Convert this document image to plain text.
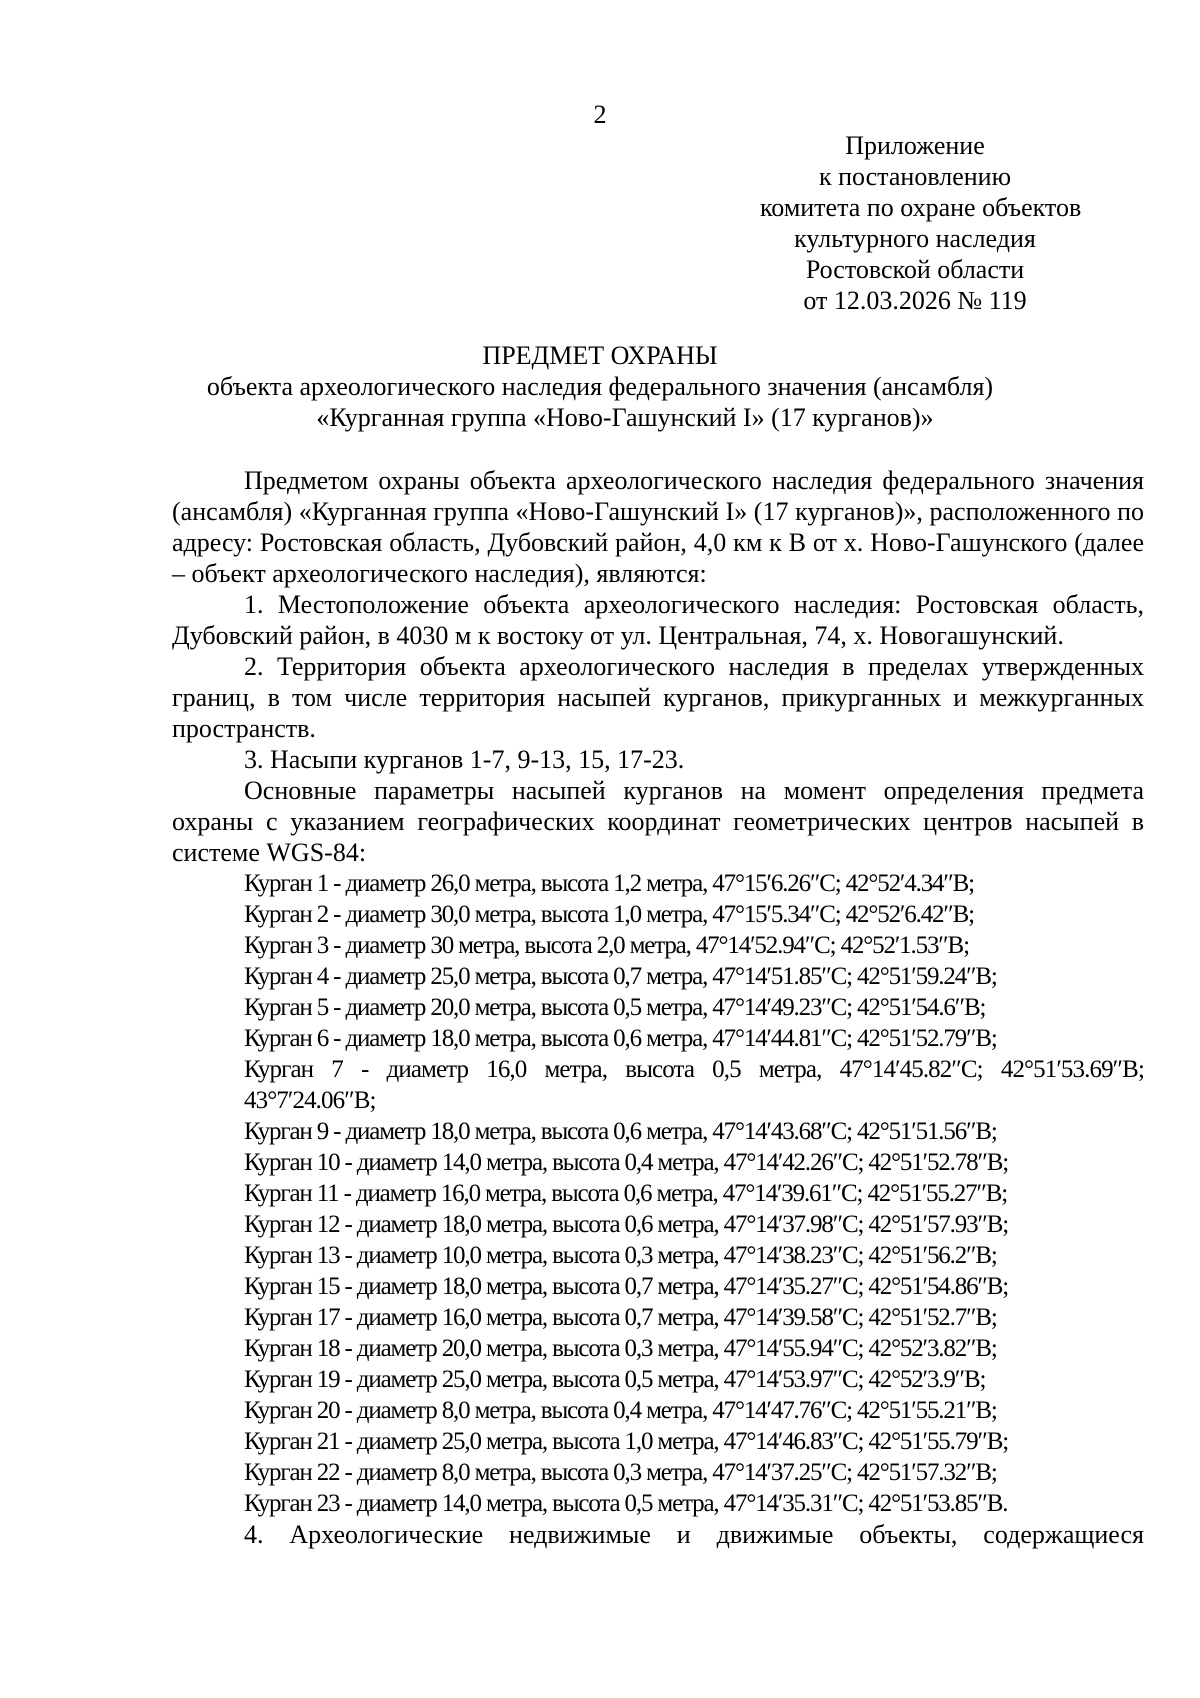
2
Приложение
к постановлению
комитета по охране объектов
культурного наследия
Ростовской области
от 12.03.2026 № 119
ПРЕДМЕТ ОХРАНЫ
объекта археологического наследия федерального значения (ансамбля)
«Курганная группа «Ново-Гашунский I» (17 курганов)»

Предметом охраны объекта археологического наследия федерального значения (ансамбля) «Курганная группа «Ново-Гашунский I» (17 курганов)», расположенного по адресу: Ростовская область, Дубовский район, 4,0 км к В от х. Ново-Гашунского (далее – объект археологического наследия), являются:

1. Местоположение объекта археологического наследия: Ростовская область, Дубовский район, в 4030 м к востоку от ул. Центральная, 74, х. Новогашунский.

2. Территория объекта археологического наследия в пределах утвержденных границ, в том числе территория насыпей курганов, прикурганных и межкурганных пространств.

3. Насыпи курганов 1-7, 9-13, 15, 17-23.

Основные параметры насыпей курганов на момент определения предмета охраны с указанием географических координат геометрических центров насыпей в системе WGS-84:

Курган 1 - диаметр 26,0 метра, высота 1,2 метра, 47°15′6.26″С; 42°52′4.34″В;
Курган 2 - диаметр 30,0 метра, высота 1,0 метра, 47°15′5.34″С; 42°52′6.42″В;
Курган 3 - диаметр 30 метра, высота 2,0 метра, 47°14′52.94″С; 42°52′1.53″В;
Курган 4 - диаметр 25,0 метра, высота 0,7 метра, 47°14′51.85″С; 42°51′59.24″В;
Курган 5 - диаметр 20,0 метра, высота 0,5 метра, 47°14′49.23″С; 42°51′54.6″В;
Курган 6 - диаметр 18,0 метра, высота 0,6 метра, 47°14′44.81″С; 42°51′52.79″В;
Курган 7 - диаметр 16,0 метра, высота 0,5 метра, 47°14′45.82″С; 42°51′53.69″В; 43°7′24.06″В;
Курган 9 - диаметр 18,0 метра, высота 0,6 метра, 47°14′43.68″С; 42°51′51.56″В;
Курган 10 - диаметр 14,0 метра, высота 0,4 метра, 47°14′42.26″С; 42°51′52.78″В;
Курган 11 - диаметр 16,0 метра, высота 0,6 метра, 47°14′39.61″С; 42°51′55.27″В;
Курган 12 - диаметр 18,0 метра, высота 0,6 метра, 47°14′37.98″С; 42°51′57.93″В;
Курган 13 - диаметр 10,0 метра, высота 0,3 метра, 47°14′38.23″С; 42°51′56.2″В;
Курган 15 - диаметр 18,0 метра, высота 0,7 метра, 47°14′35.27″С; 42°51′54.86″В;
Курган 17 - диаметр 16,0 метра, высота 0,7 метра, 47°14′39.58″С; 42°51′52.7″В;
Курган 18 - диаметр 20,0 метра, высота 0,3 метра, 47°14′55.94″С; 42°52′3.82″В;
Курган 19 - диаметр 25,0 метра, высота 0,5 метра, 47°14′53.97″С; 42°52′3.9″В;
Курган 20 - диаметр 8,0 метра, высота 0,4 метра, 47°14′47.76″С; 42°51′55.21″В;
Курган 21 - диаметр 25,0 метра, высота 1,0 метра, 47°14′46.83″С; 42°51′55.79″В;
Курган 22 - диаметр 8,0 метра, высота 0,3 метра, 47°14′37.25″С; 42°51′57.32″В;
Курган 23 - диаметр 14,0 метра, высота 0,5 метра, 47°14′35.31″С; 42°51′53.85″В.

4. Археологические недвижимые и движимые объекты, содержащиеся
